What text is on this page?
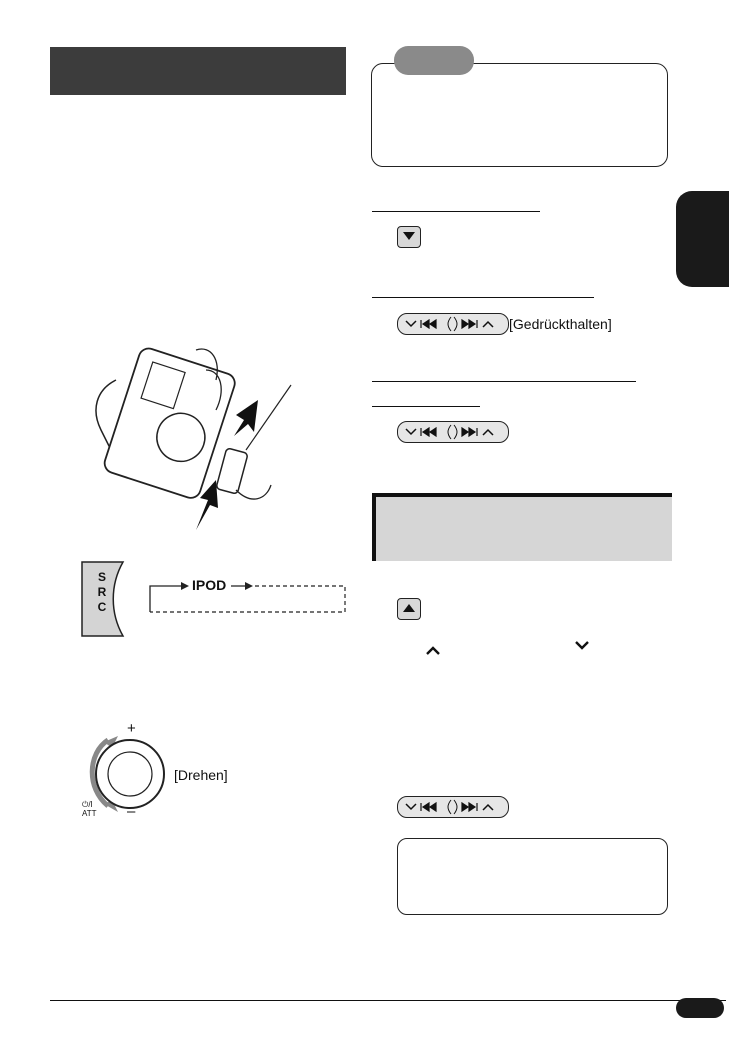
S
R
C
IPOD
+
–
⏻/I
ATT
[Drehen]
[Gedrückthalten]
